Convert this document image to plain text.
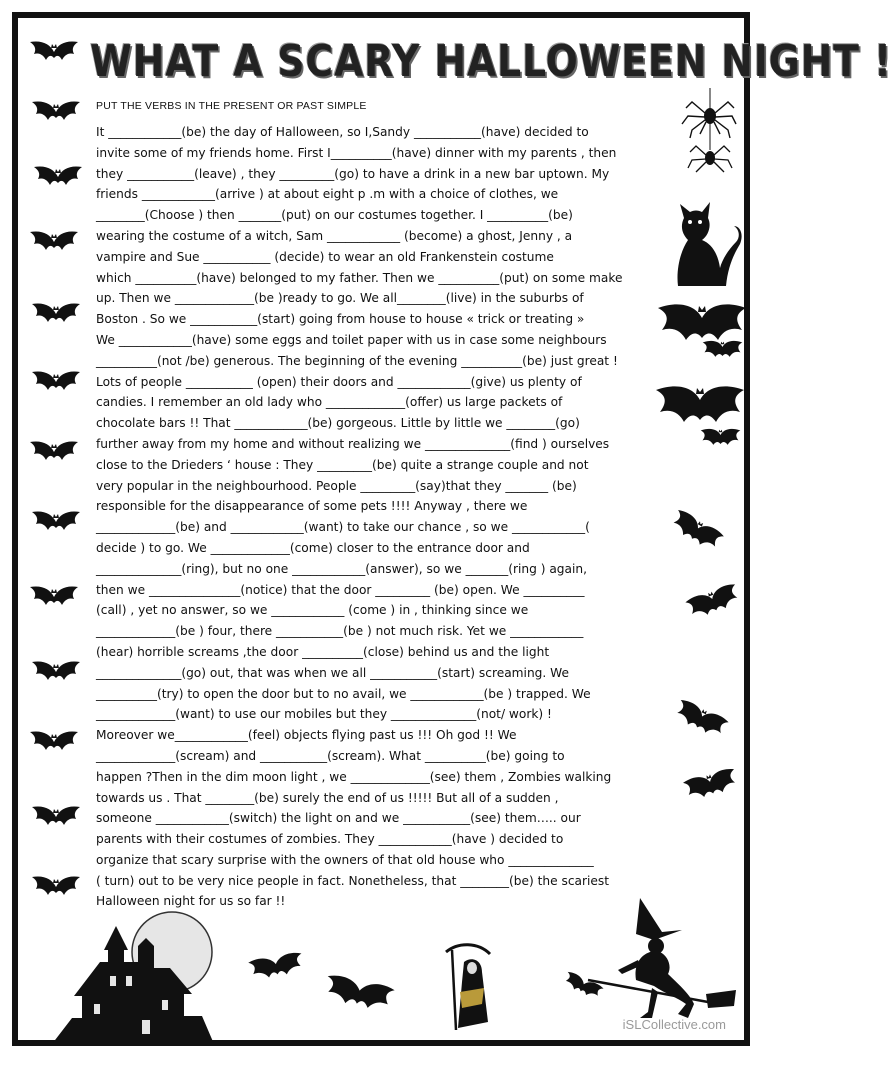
WHAT A SCARY HALLOWEEN NIGHT !
PUT THE VERBS IN THE PRESENT OR PAST SIMPLE
It ____________(be) the day of Halloween, so I,Sandy ___________(have) decided to
invite some of my friends home. First I__________(have) dinner with my parents , then
they ___________(leave) , they _________(go) to have a drink in a new bar uptown. My
friends ____________(arrive ) at about eight p .m with a choice of clothes, we
________(Choose ) then _______(put) on our costumes together. I __________(be)
wearing the costume of a witch, Sam ____________ (become) a ghost, Jenny , a
vampire and Sue ___________ (decide) to wear an old Frankenstein costume
which __________(have) belonged to my father. Then we __________(put) on some make
up. Then we _____________(be )ready to go. We all________(live) in the suburbs of
Boston . So we ___________(start) going from house to house « trick or treating »
We ____________(have) some eggs and toilet paper with us in case some neighbours
__________(not /be) generous. The beginning of the evening __________(be) just great !
Lots of people ___________ (open) their doors and ____________(give) us plenty of
candies. I remember an old lady who _____________(offer) us large packets of
chocolate bars !! That ____________(be) gorgeous. Little by little we ________(go)
further away from my home and without realizing we ______________(find ) ourselves
close to the Drieders ‘ house : They _________(be) quite a strange couple and not
very popular in the neighbourhood. People _________(say)that they _______ (be)
responsible for the disappearance of some pets !!!! Anyway , there we
_____________(be) and ____________(want) to take our chance , so we ____________(
decide ) to go. We _____________(come) closer to the entrance door and
______________(ring), but no one ____________(answer), so we _______(ring ) again,
then we _______________(notice) that the door _________ (be) open. We __________
(call) , yet no answer, so we ____________ (come ) in , thinking since we
_____________(be ) four, there ___________(be ) not much risk. Yet we ____________
(hear) horrible screams ,the door __________(close) behind us and the light
______________(go) out, that was when we all ___________(start) screaming. We
__________(try) to open the door but to no avail, we ____________(be ) trapped. We
_____________(want) to use our mobiles but they ______________(not/ work) !
Moreover we____________(feel) objects flying past us !!! Oh god !! We
_____________(scream) and ___________(scream). What __________(be) going to
happen ?Then in the dim moon light , we _____________(see) them , Zombies walking
towards us . That ________(be) surely the end of us !!!!! But all of a sudden ,
someone ____________(switch) the light on and we ___________(see) them….. our
parents with their costumes of zombies. They ____________(have ) decided to
organize that scary surprise with the owners of that old house who ______________
( turn) out to be very nice people in fact. Nonetheless, that ________(be) the scariest
Halloween night for us so far !!
iSLCollective.com
